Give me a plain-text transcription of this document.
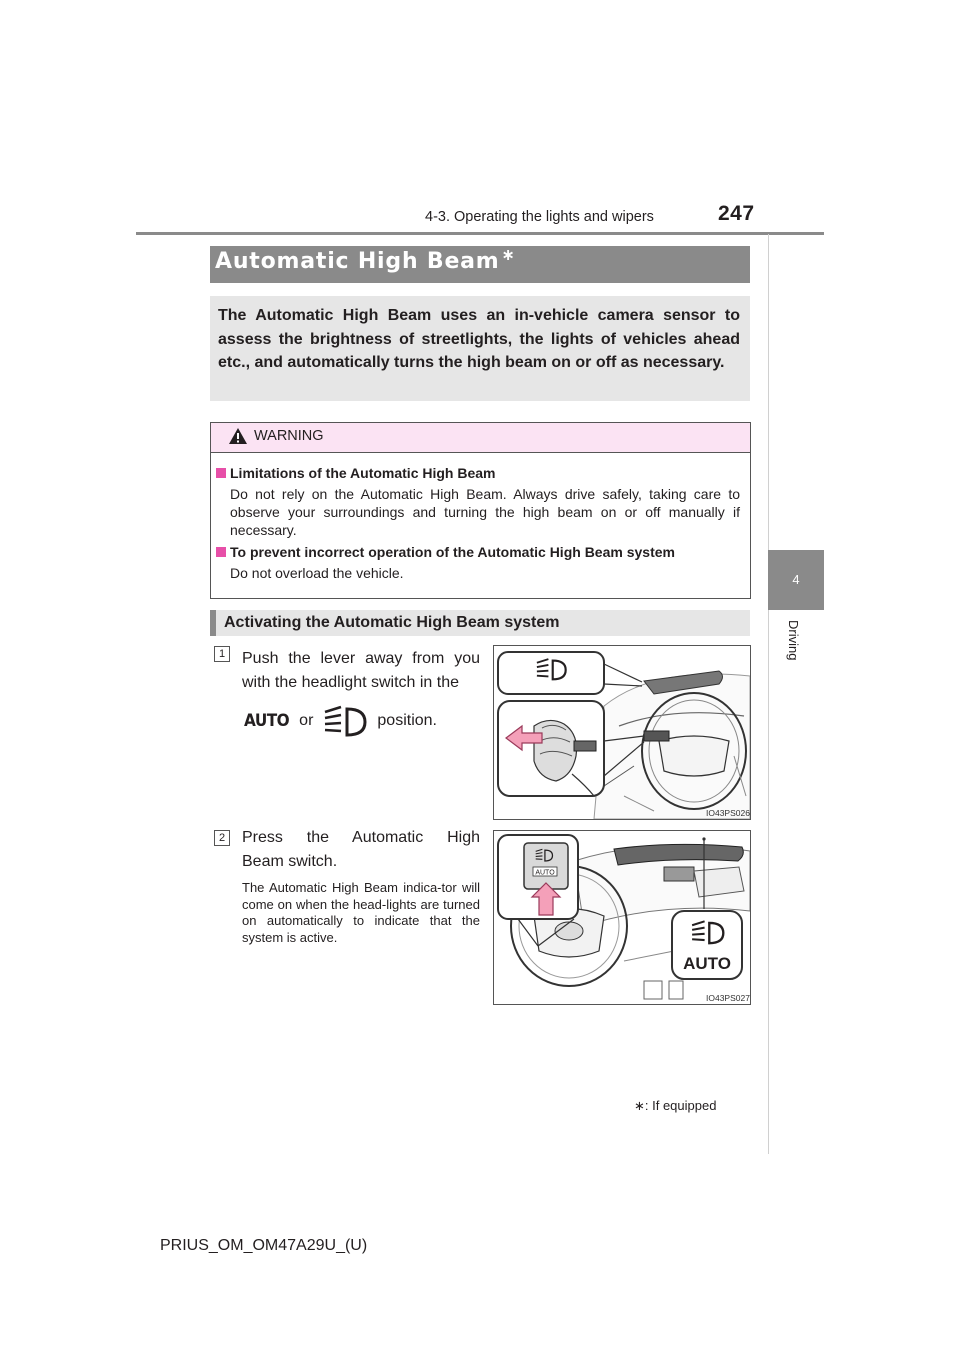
4-3. Operating the lights and wipers	247
4
Driving
Automatic High Beam ∗
The Automatic High Beam uses an in-vehicle camera sensor to assess the brightness of streetlights, the lights of vehicles ahead etc., and automatically turns the high beam on or off as necessary.
WARNING
Limitations of the Automatic High Beam
Do not rely on the Automatic High Beam. Always drive safely, taking care to observe your surroundings and turning the high beam on or off manually if necessary.
To prevent incorrect operation of the Automatic High Beam system
Do not overload the vehicle.
Activating the Automatic High Beam system
1	Push the lever away from you
with the headlight switch in the
AUTO or	position.
IO43PS026
2	Press the Automatic High
Beam switch.
The Automatic High Beam indica-tor will come on when the head-lights are turned on automatically to indicate that the system is active.
AUTO
AUTO
IO43PS027
∗: If equipped
PRIUS_OM_OM47A29U_(U)
